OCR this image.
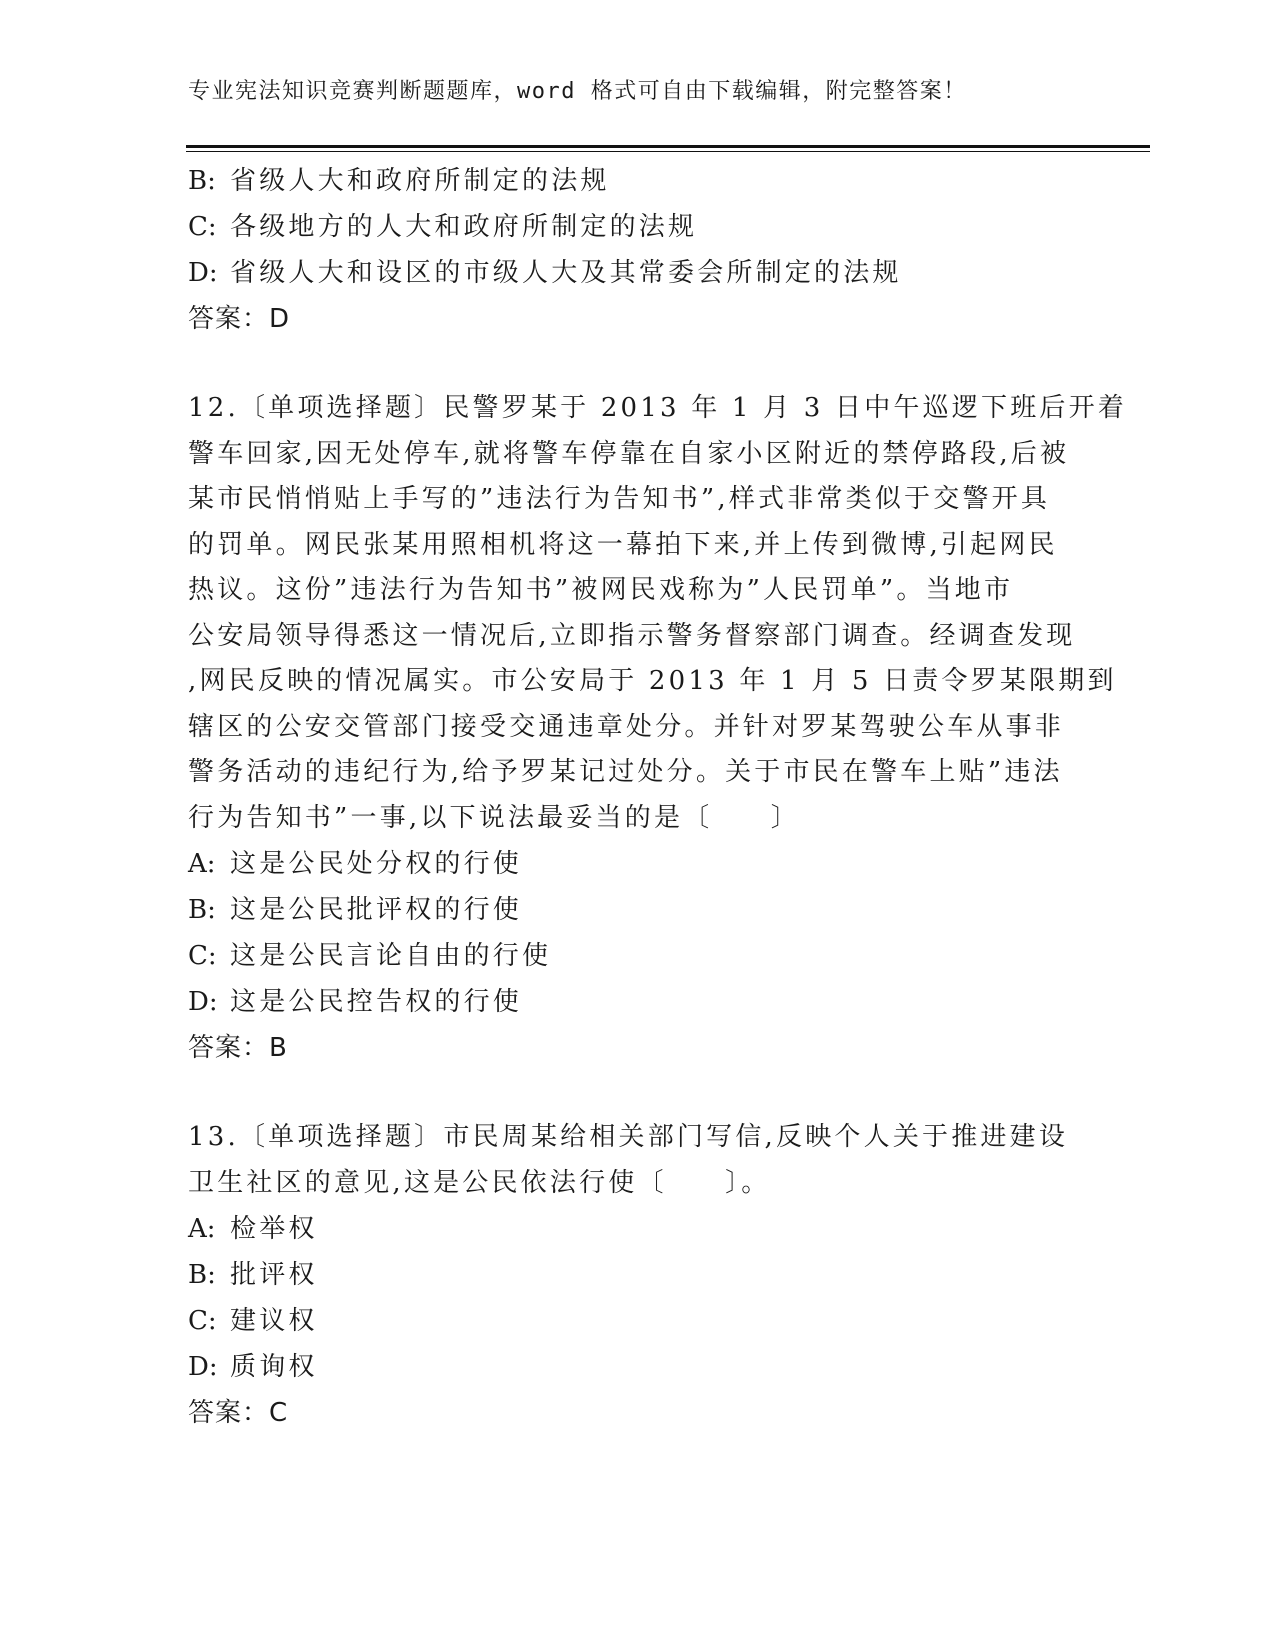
专业宪法知识竞赛判断题题库，word 格式可自由下载编辑，附完整答案！
B: 省级人大和政府所制定的法规
C: 各级地方的人大和政府所制定的法规
D: 省级人大和设区的市级人大及其常委会所制定的法规
答案：D
12.〔单项选择题〕民警罗某于 2013 年 1 月 3 日中午巡逻下班后开着
警车回家,因无处停车,就将警车停靠在自家小区附近的禁停路段,后被
某市民悄悄贴上手写的”违法行为告知书”,样式非常类似于交警开具
的罚单。网民张某用照相机将这一幕拍下来,并上传到微博,引起网民
热议。这份”违法行为告知书”被网民戏称为”人民罚单”。当地市
公安局领导得悉这一情况后,立即指示警务督察部门调查。经调查发现
,网民反映的情况属实。市公安局于 2013 年 1 月 5 日责令罗某限期到
辖区的公安交管部门接受交通违章处分。并针对罗某驾驶公车从事非
警务活动的违纪行为,给予罗某记过处分。关于市民在警车上贴”违法
行为告知书”一事,以下说法最妥当的是〔　　〕
A: 这是公民处分权的行使
B: 这是公民批评权的行使
C: 这是公民言论自由的行使
D: 这是公民控告权的行使
答案：B
13.〔单项选择题〕市民周某给相关部门写信,反映个人关于推进建设
卫生社区的意见,这是公民依法行使〔　　〕。
A: 检举权
B: 批评权
C: 建议权
D: 质询权
答案：C
